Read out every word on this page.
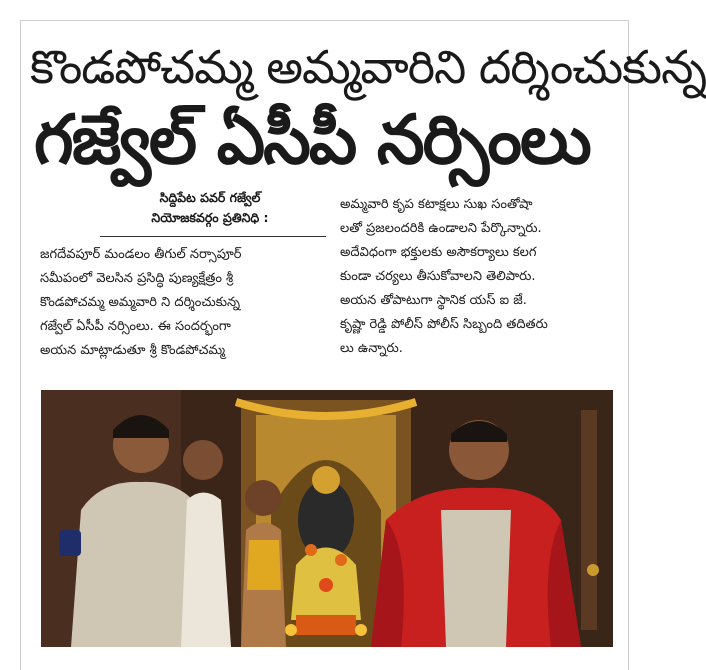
కొండపోచమ్మ అమ్మవారిని దర్శించుకున్న
గజ్వేల్ ఏసీపీ నర్సింలు
సిద్దిపేట పవర్ గజ్వేల్
నియోజకవర్గం ప్రతినిధి :

జగదేవపూర్ మండలం తీగుల్ నర్సాపూర్

సమీపంలో వెలసిన ప్రసిద్ధి పుణ్యక్షేత్రం శ్రీ

కొండపోచమ్మ అమ్మవారి ని దర్శించుకున్న

గజ్వేల్ ఏసీపీ నర్సింలు. ఈ సందర్భంగా

అయన మాట్లాడుతూ శ్రీ కొండపోచమ్మ

అమ్మవారి కృప కటాక్షలు సుఖ సంతోషా

లతో ప్రజలందరికి ఉండాలని పేర్కొన్నారు.

అదేవిధంగా భక్తులకు అసౌకర్యాలు కలగ

కుండా చర్యలు తీసుకోవాలని తెలిపారు.

అయన తోపాటుగా స్థానిక యస్ ఐ జే.

కృష్ణా రెడ్డి పోలీస్ పోలీస్ సిబ్బంది తదితరు

లు ఉన్నారు.
